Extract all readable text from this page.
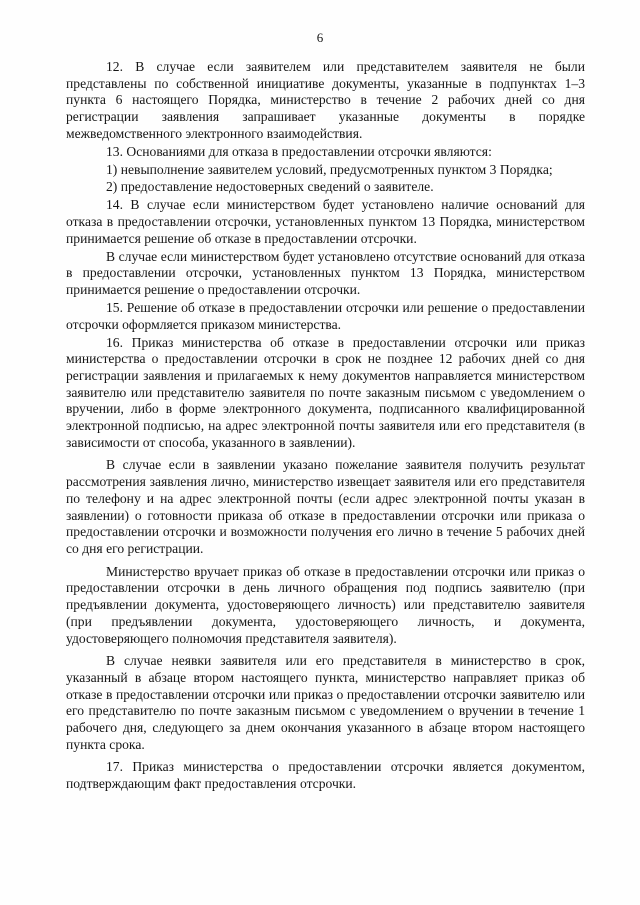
6

12. В случае если заявителем или представителем заявителя не были представлены по собственной инициативе документы, указанные в подпунктах 1–3 пункта 6 настоящего Порядка, министерство в течение 2 рабочих дней со дня регистрации заявления запрашивает указанные документы в порядке межведомственного электронного взаимодействия.

13. Основаниями для отказа в предоставлении отсрочки являются:

1) невыполнение заявителем условий, предусмотренных пунктом 3 Порядка;

2) предоставление недостоверных сведений о заявителе.

14. В случае если министерством будет установлено наличие оснований для отказа в предоставлении отсрочки, установленных пунктом 13 Порядка, министерством принимается решение об отказе в предоставлении отсрочки.

В случае если министерством будет установлено отсутствие оснований для отказа в предоставлении отсрочки, установленных пунктом 13 Порядка, министерством принимается решение о предоставлении отсрочки.

15. Решение об отказе в предоставлении отсрочки или решение о предоставлении отсрочки оформляется приказом министерства.

16. Приказ министерства об отказе в предоставлении отсрочки или приказ министерства о предоставлении отсрочки в срок не позднее 12 рабочих дней со дня регистрации заявления и прилагаемых к нему документов направляется министерством заявителю или представителю заявителя по почте заказным письмом с уведомлением о вручении, либо в форме электронного документа, подписанного квалифицированной электронной подписью, на адрес электронной почты заявителя или его представителя (в зависимости от способа, указанного в заявлении).

В случае если в заявлении указано пожелание заявителя получить результат рассмотрения заявления лично, министерство извещает заявителя или его представителя по телефону и на адрес электронной почты (если адрес электронной почты указан в заявлении) о готовности приказа об отказе в предоставлении отсрочки или приказа о предоставлении отсрочки и возможности получения его лично в течение 5 рабочих дней со дня его регистрации.

Министерство вручает приказ об отказе в предоставлении отсрочки или приказ о предоставлении отсрочки в день личного обращения под подпись заявителю (при предъявлении документа, удостоверяющего личность) или представителю заявителя (при предъявлении документа, удостоверяющего личность, и документа, удостоверяющего полномочия представителя заявителя).

В случае неявки заявителя или его представителя в министерство в срок, указанный в абзаце втором настоящего пункта, министерство направляет приказ об отказе в предоставлении отсрочки или приказ о предоставлении отсрочки заявителю или его представителю по почте заказным письмом с уведомлением о вручении в течение 1 рабочего дня, следующего за днем окончания указанного в абзаце втором настоящего пункта срока.

17. Приказ министерства о предоставлении отсрочки является документом, подтверждающим факт предоставления отсрочки.
